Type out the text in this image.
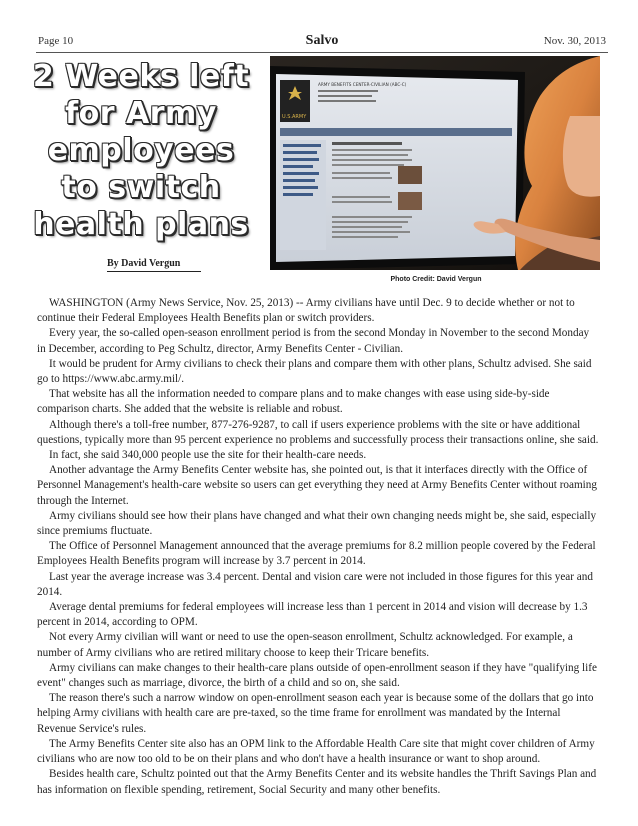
Page 10	Salvo	Nov. 30, 2013
2 Weeks left for Army employees to switch health plans
By David Vergun
U.S.ARMY
ARMY BENEFITS CENTER-CIVILIAN (ABC-C)
Photo Credit: David Vergun

WASHINGTON (Army News Service, Nov. 25, 2013) -- Army civilians have until Dec. 9 to decide whether or not to continue their Federal Employees Health Benefits plan or switch providers.

Every year, the so-called open-season enrollment period is from the second Monday in November to the second Monday in December, according to Peg Schultz, director, Army Benefits Center - Civilian.

It would be prudent for Army civilians to check their plans and compare them with other plans, Schultz advised. She said go to https://www.abc.army.mil/.

That website has all the information needed to compare plans and to make changes with ease using side-by-side comparison charts. She added that the website is reliable and robust.

Although there's a toll-free number, 877-276-9287, to call if users experience problems with the site or have additional questions, typically more than 95 percent experience no problems and successfully process their transactions online, she said.

In fact, she said 340,000 people use the site for their health-care needs.

Another advantage the Army Benefits Center website has, she pointed out, is that it interfaces directly with the Office of Personnel Management's health-care website so users can get everything they need at Army Benefits Center without roaming through the Internet.

Army civilians should see how their plans have changed and what their own changing needs might be, she said, especially since premiums fluctuate.

The Office of Personnel Management announced that the average premiums for 8.2 million people covered by the Federal Employees Health Benefits program will increase by 3.7 percent in 2014.

Last year the average increase was 3.4 percent. Dental and vision care were not included in those figures for this year and 2014.

Average dental premiums for federal employees will increase less than 1 percent in 2014 and vision will decrease by 1.3 percent in 2014, according to OPM.

Not every Army civilian will want or need to use the open-season enrollment, Schultz acknowledged. For example, a number of Army civilians who are retired military choose to keep their Tricare benefits.

Army civilians can make changes to their health-care plans outside of open-enrollment season if they have "qualifying life event" changes such as marriage, divorce, the birth of a child and so on, she said.

The reason there's such a narrow window on open-enrollment season each year is because some of the dollars that go into helping Army civilians with health care are pre-taxed, so the time frame for enrollment was mandated by the Internal Revenue Service's rules.

The Army Benefits Center site also has an OPM link to the Affordable Health Care site that might cover children of Army civilians who are now too old to be on their plans and who don't have a health insurance or want to shop around.

Besides health care, Schultz pointed out that the Army Benefits Center and its website handles the Thrift Savings Plan and has information on flexible spending, retirement, Social Security and many other benefits.
